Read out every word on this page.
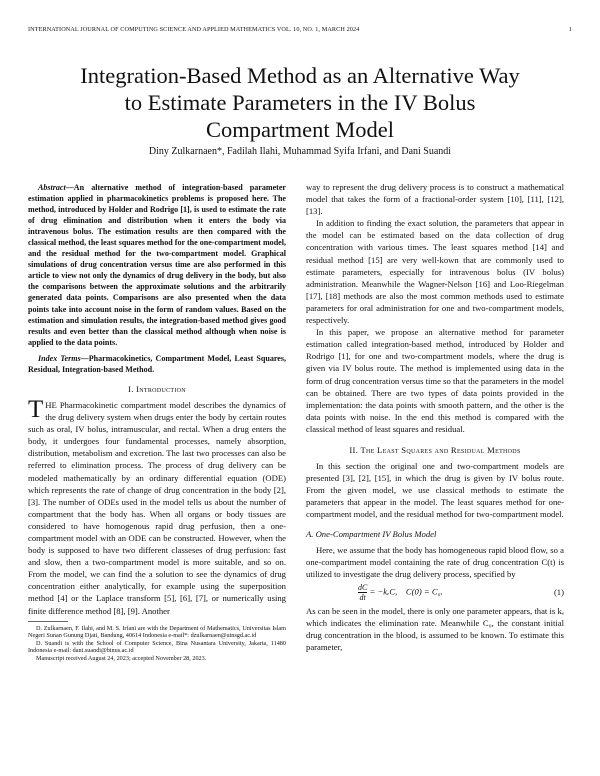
INTERNATIONAL JOURNAL OF COMPUTING SCIENCE AND APPLIED MATHEMATICS VOL. 10, NO. 1, MARCH 2024	1
Integration-Based Method as an Alternative Way
to Estimate Parameters in the IV Bolus
Compartment Model
Diny Zulkarnaen*, Fadilah Ilahi, Muhammad Syifa Irfani, and Dani Suandi

Abstract—An alternative method of integration-based parameter estimation applied in pharmacokinetics problems is proposed here. The method, introduced by Holder and Rodrigo [1], is used to estimate the rate of drug elimination and distribution when it enters the body via intravenous bolus. The estimation results are then compared with the classical method, the least squares method for the one-compartment model, and the residual method for the two-compartment model. Graphical simulations of drug concentration versus time are also performed in this article to view not only the dynamics of drug delivery in the body, but also the comparisons between the approximate solutions and the arbitrarily generated data points. Comparisons are also presented when the data points take into account noise in the form of random values. Based on the estimation and simulation results, the integration-based method gives good results and even better than the classical method although when noise is applied to the data points.

Index Terms—Pharmacokinetics, Compartment Model, Least Squares, Residual, Integration-based Method.

I. Introduction

THE Pharmacokinetic compartment model describes the dynamics of the drug delivery system when drugs enter the body by certain routes such as oral, IV bolus, intramuscular, and rectal. When a drug enters the body, it undergoes four fundamental processes, namely absorption, distribution, metabolism and excretion. The last two processes can also be referred to elimination process. The process of drug delivery can be modeled mathematically by an ordinary differential equation (ODE) which represents the rate of change of drug concentration in the body [2], [3]. The number of ODEs used in the model tells us about the number of compartment that the body has. When all organs or body tissues are considered to have homogenous rapid drug perfusion, then a one-compartment model with an ODE can be constructed. However, when the body is supposed to have two different classeses of drug perfusion: fast and slow, then a two-compartment model is more suitable, and so on. From the model, we can find the a solution to see the dynamics of drug concentration either analytically, for example using the superposition method [4] or the Laplace transform [5], [6], [7], or numerically using finite difference method [8], [9]. Another

D. Zulkarnaen, F. Ilahi, and M. S. Irfani are with the Department of Mathematics, Universitas Islam Negeri Sunan Gunung Djati, Bandung, 40614 Indonesia e-mail*: dzulkarnaen@uinsgd.ac.id

D. Suandi is with the School of Computer Science, Bina Nusantara University, Jakarta, 11480 Indonesia e-mail: dani.suandi@binus.ac.id

Manuscript received August 24, 2023; accepted November 28, 2023.

way to represent the drug delivery process is to construct a mathematical model that takes the form of a fractional-order system [10], [11], [12], [13].

In addition to finding the exact solution, the parameters that appear in the model can be estimated based on the data collection of drug concentration with various times. The least squares method [14] and residual method [15] are very well-kown that are commonly used to estimate parameters, especially for intravenous bolus (IV bolus) administration. Meanwhile the Wagner-Nelson [16] and Loo-Riegelman [17], [18] methods are also the most common methods used to estimate parameters for oral administration for one and two-compartment models, respectively.

In this paper, we propose an alternative method for parameter estimation called integration-based method, introduced by Holder and Rodrigo [1], for one and two-compartment models, where the drug is given via IV bolus route. The method is implemented using data in the form of drug concentration versus time so that the parameters in the model can be obtained. There are two types of data points provided in the implementation: the data points with smooth pattern, and the other is the data points with noise. In the end this method is compared with the classical method of least squares and residual.

II. The Least Squares and Residual Methods

In this section the original one and two-compartment models are presented [3], [2], [15], in which the drug is given by IV bolus route. From the given model, we use classical methods to estimate the parameters that appear in the model. The least squares method for one-compartment model, and the residual method for two-compartment model.

A. One-Compartment IV Bolus Model

Here, we assume that the body has homogeneous rapid blood flow, so a one-compartment model containing the rate of drug concentration C(t) is utilized to investigate the drug delivery process, specified by

$\frac{dC}{dt} = -k_eC$,    C(0) = C₀.	(1)

As can be seen in the model, there is only one parameter appears, that is kₑ which indicates the elimination rate. Meanwhile C₀, the constant initial drug concentration in the blood, is assumed to be known. To estimate this parameter,
